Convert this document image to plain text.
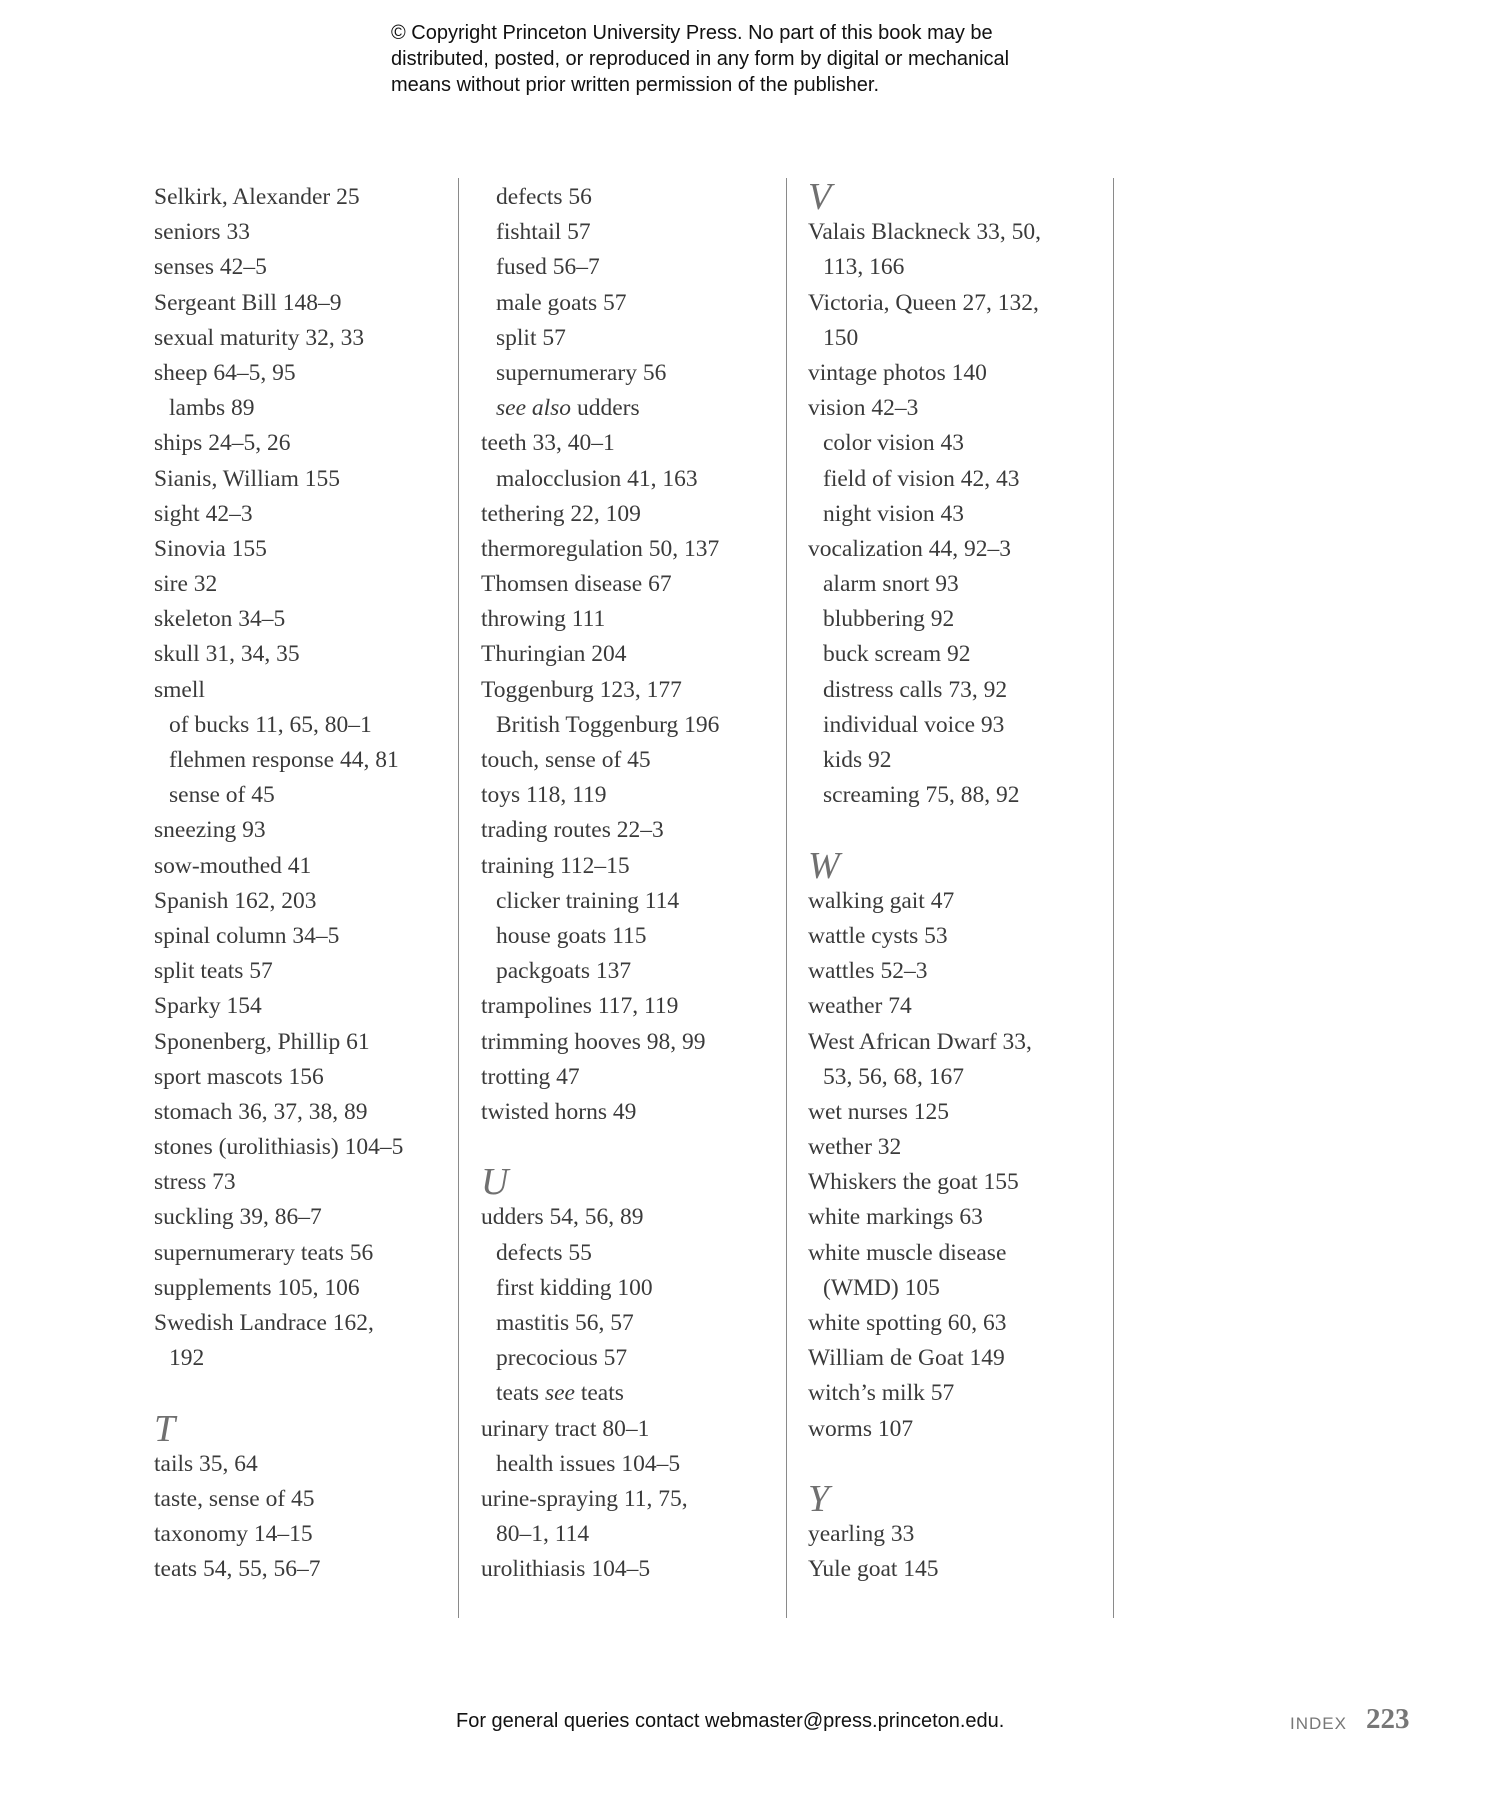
© Copyright Princeton University Press. No part of this book may be
distributed, posted, or reproduced in any form by digital or mechanical
means without prior written permission of the publisher.
Selkirk, Alexander 25
seniors 33
senses 42–5
Sergeant Bill 148–9
sexual maturity 32, 33
sheep 64–5, 95
lambs 89
ships 24–5, 26
Sianis, William 155
sight 42–3
Sinovia 155
sire 32
skeleton 34–5
skull 31, 34, 35
smell
of bucks 11, 65, 80–1
flehmen response 44, 81
sense of 45
sneezing 93
sow-mouthed 41
Spanish 162, 203
spinal column 34–5
split teats 57
Sparky 154
Sponenberg, Phillip 61
sport mascots 156
stomach 36, 37, 38, 89
stones (urolithiasis) 104–5
stress 73
suckling 39, 86–7
supernumerary teats 56
supplements 105, 106
Swedish Landrace 162,
192
T
tails 35, 64
taste, sense of 45
taxonomy 14–15
teats 54, 55, 56–7
defects 56
fishtail 57
fused 56–7
male goats 57
split 57
supernumerary 56
see also udders
teeth 33, 40–1
malocclusion 41, 163
tethering 22, 109
thermoregulation 50, 137
Thomsen disease 67
throwing 111
Thuringian 204
Toggenburg 123, 177
British Toggenburg 196
touch, sense of 45
toys 118, 119
trading routes 22–3
training 112–15
clicker training 114
house goats 115
packgoats 137
trampolines 117, 119
trimming hooves 98, 99
trotting 47
twisted horns 49
U
udders 54, 56, 89
defects 55
first kidding 100
mastitis 56, 57
precocious 57
teats see teats
urinary tract 80–1
health issues 104–5
urine-spraying 11, 75,
80–1, 114
urolithiasis 104–5
V
Valais Blackneck 33, 50,
113, 166
Victoria, Queen 27, 132,
150
vintage photos 140
vision 42–3
color vision 43
field of vision 42, 43
night vision 43
vocalization 44, 92–3
alarm snort 93
blubbering 92
buck scream 92
distress calls 73, 92
individual voice 93
kids 92
screaming 75, 88, 92
W
walking gait 47
wattle cysts 53
wattles 52–3
weather 74
West African Dwarf 33,
53, 56, 68, 167
wet nurses 125
wether 32
Whiskers the goat 155
white markings 63
white muscle disease
(WMD) 105
white spotting 60, 63
William de Goat 149
witch’s milk 57
worms 107
Y
yearling 33
Yule goat 145
For general queries contact webmaster@press.princeton.edu.	INDEX 223
